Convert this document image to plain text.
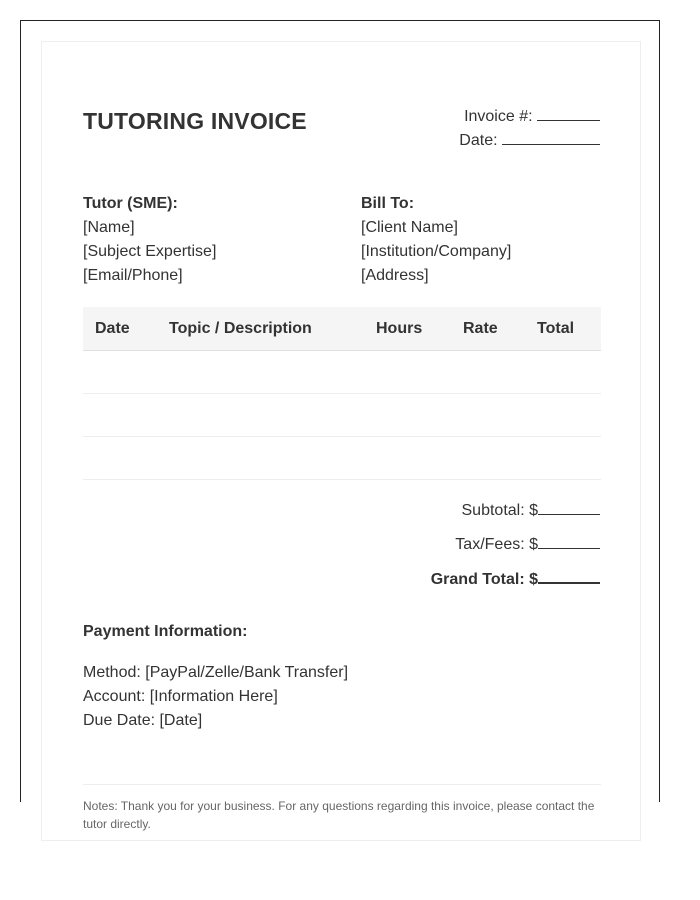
TUTORING INVOICE	Invoice #:
Date:
Tutor (SME):
[Name]
[Subject Expertise]
[Email/Phone]
Bill To:
[Client Name]
[Institution/Company]
[Address]
Date	Topic / Description	Hours	Rate	Total

Subtotal: $
Tax/Fees: $
Grand Total: $
Payment Information:
Method: [PayPal/Zelle/Bank Transfer]
Account: [Information Here]
Due Date: [Date]
Notes: Thank you for your business. For any questions regarding this invoice, please contact the tutor directly.
